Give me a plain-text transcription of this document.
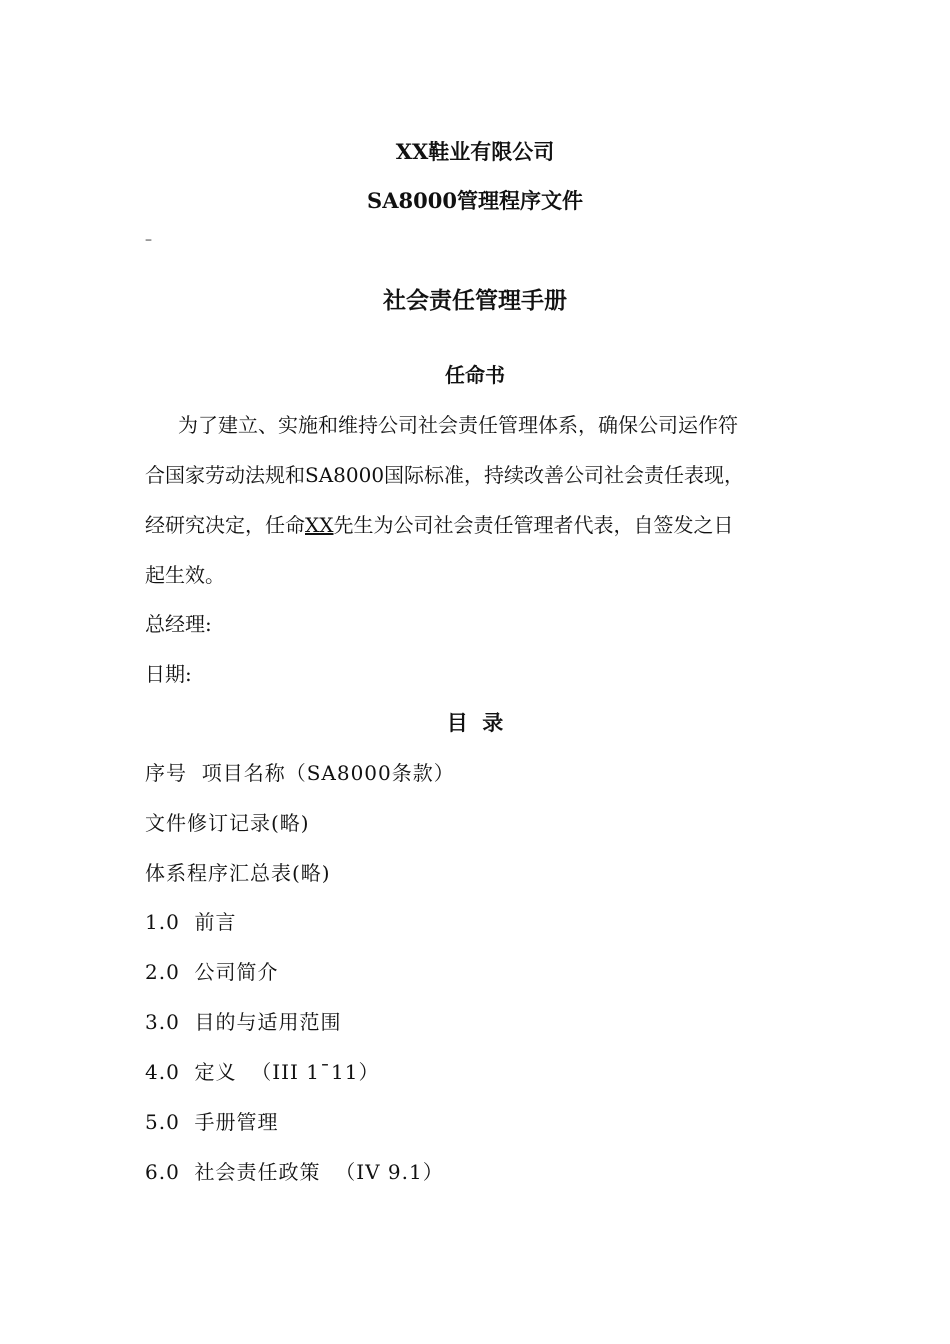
XX鞋业有限公司
SA8000管理程序文件
–
社会责任管理手册
任命书
为了建立、实施和维持公司社会责任管理体系，确保公司运作符
合国家劳动法规和SA8000国际标准，持续改善公司社会责任表现，
经研究决定，任命XX先生为公司社会责任管理者代表，自签发之日
起生效。
总经理:
日期:
目  录
序号  项目名称（SA8000条款）
文件修订记录(略)
体系程序汇总表(略)
1.0  前言
2.0  公司简介
3.0  目的与适用范围
4.0  定义  （III 1¯11）
5.0  手册管理
6.0  社会责任政策  （IV 9.1）
